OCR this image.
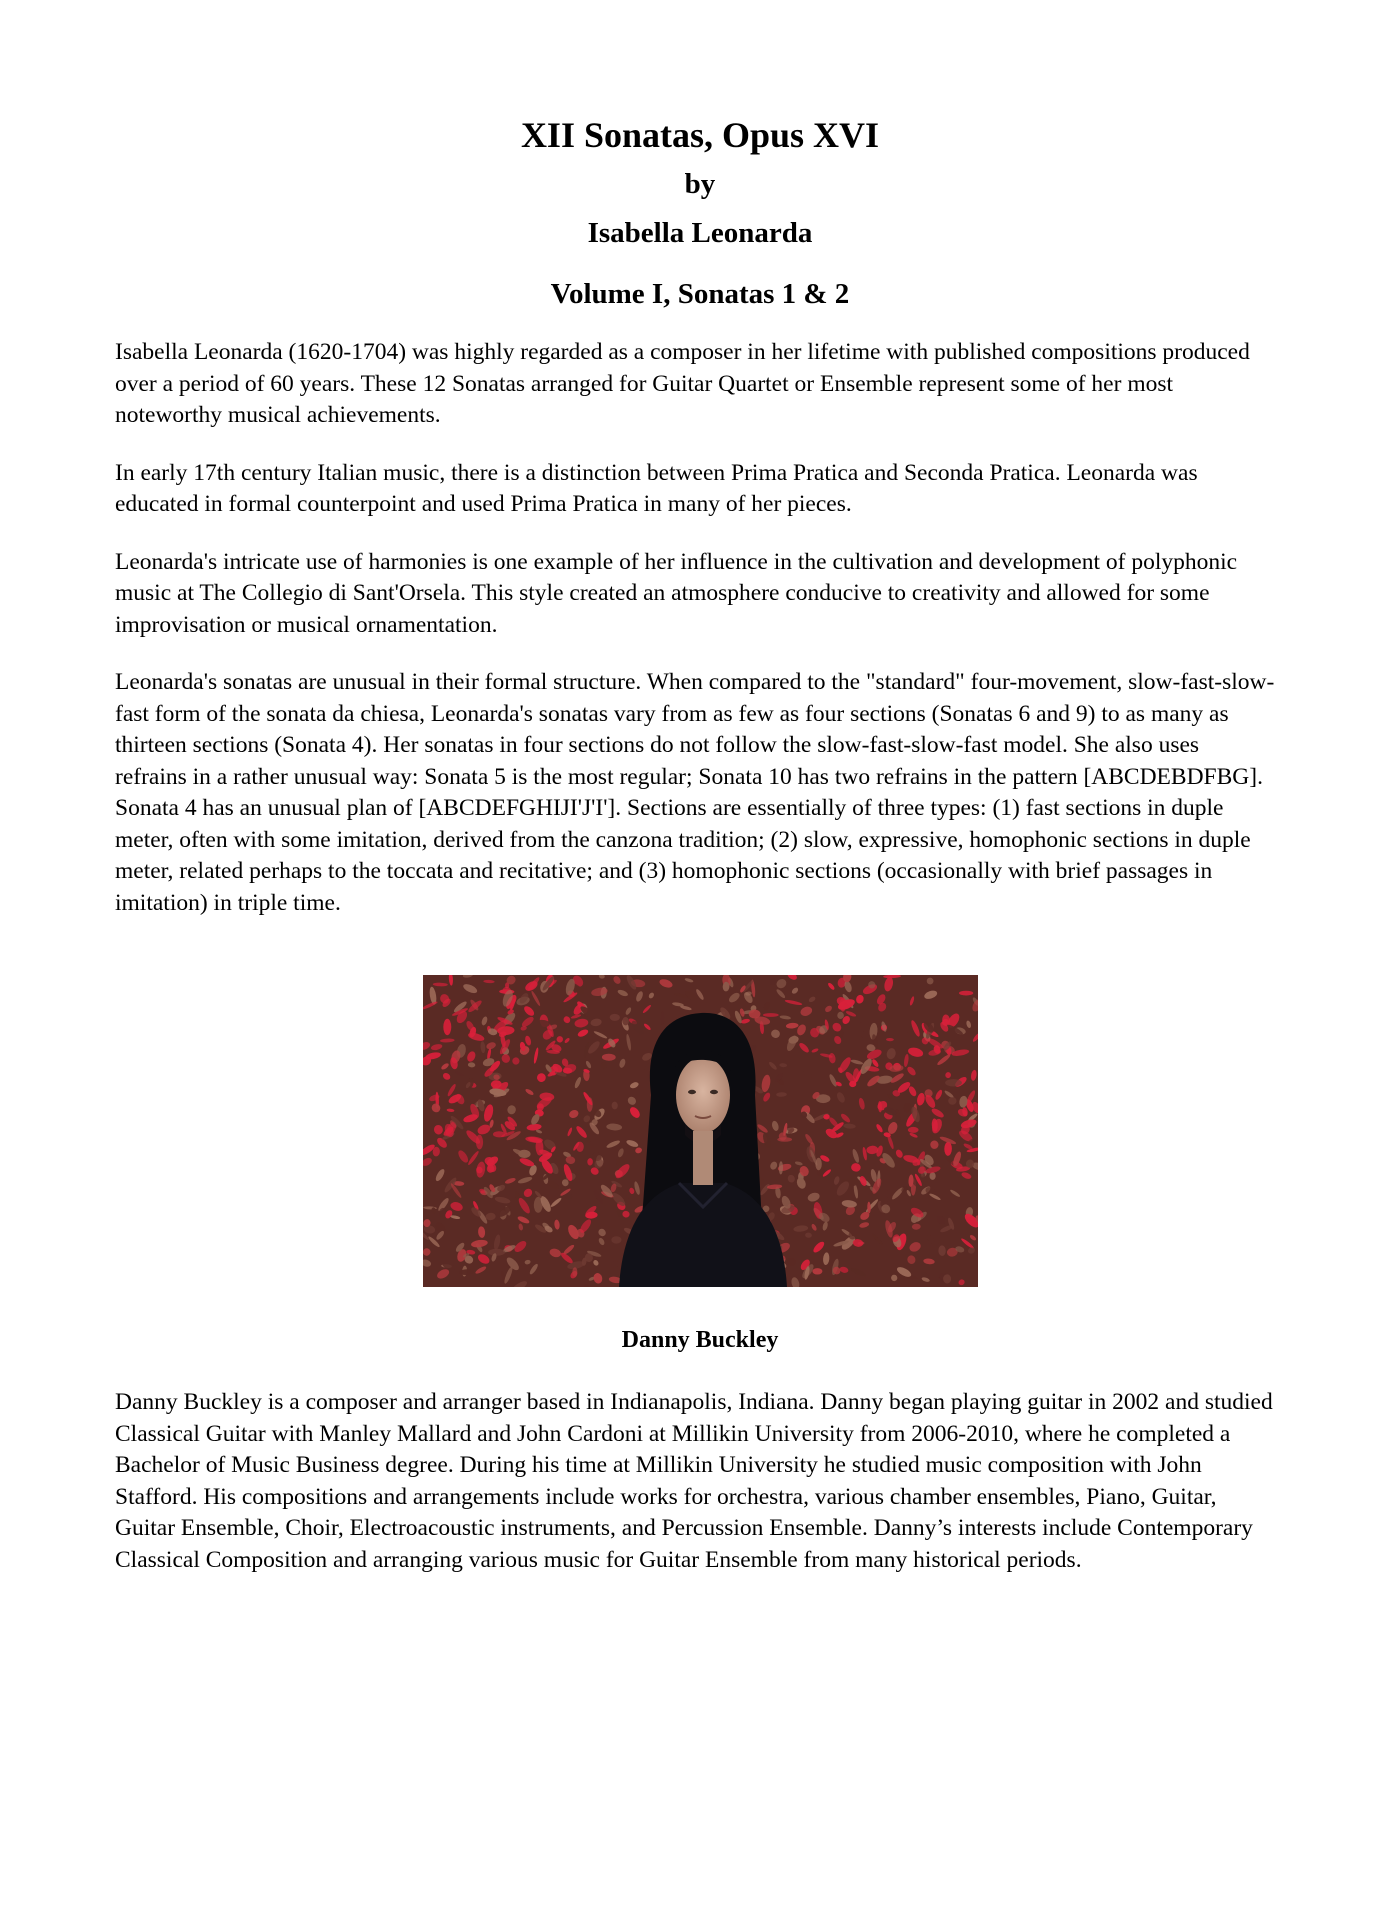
XII Sonatas, Opus XVI
by
Isabella Leonarda
Volume I, Sonatas 1 & 2

Isabella Leonarda (1620-1704) was highly regarded as a composer in her lifetime with published compositions produced over a period of 60 years. These 12 Sonatas arranged for Guitar Quartet or Ensemble represent some of her most noteworthy musical achievements.

In early 17th century Italian music, there is a distinction between Prima Pratica and Seconda Pratica. Leonarda was educated in formal counterpoint and used Prima Pratica in many of her pieces.

Leonarda's intricate use of harmonies is one example of her influence in the cultivation and development of polyphonic music at The Collegio di Sant'Orsela. This style created an atmosphere conducive to creativity and allowed for some improvisation or musical ornamentation.

Leonarda's sonatas are unusual in their formal structure. When compared to the "standard" four-movement, slow-fast-slow-fast form of the sonata da chiesa, Leonarda's sonatas vary from as few as four sections (Sonatas 6 and 9) to as many as thirteen sections (Sonata 4). Her sonatas in four sections do not follow the slow-fast-slow-fast model. She also uses refrains in a rather unusual way: Sonata 5 is the most regular; Sonata 10 has two refrains in the pattern [ABCDEBDFBG]. Sonata 4 has an unusual plan of [ABCDEFGHIJI'J'I']. Sections are essentially of three types: (1) fast sections in duple meter, often with some imitation, derived from the canzona tradition; (2) slow, expressive, homophonic sections in duple meter, related perhaps to the toccata and recitative; and (3) homophonic sections (occasionally with brief passages in imitation) in triple time.

Danny Buckley

Danny Buckley is a composer and arranger based in Indianapolis, Indiana. Danny began playing guitar in 2002 and studied Classical Guitar with Manley Mallard and John Cardoni at Millikin University from 2006-2010, where he completed a Bachelor of Music Business degree. During his time at Millikin University he studied music composition with John Stafford. His compositions and arrangements include works for orchestra, various chamber ensembles, Piano, Guitar, Guitar Ensemble, Choir, Electroacoustic instruments, and Percussion Ensemble. Danny’s interests include Contemporary Classical Composition and arranging various music for Guitar Ensemble from many historical periods.
